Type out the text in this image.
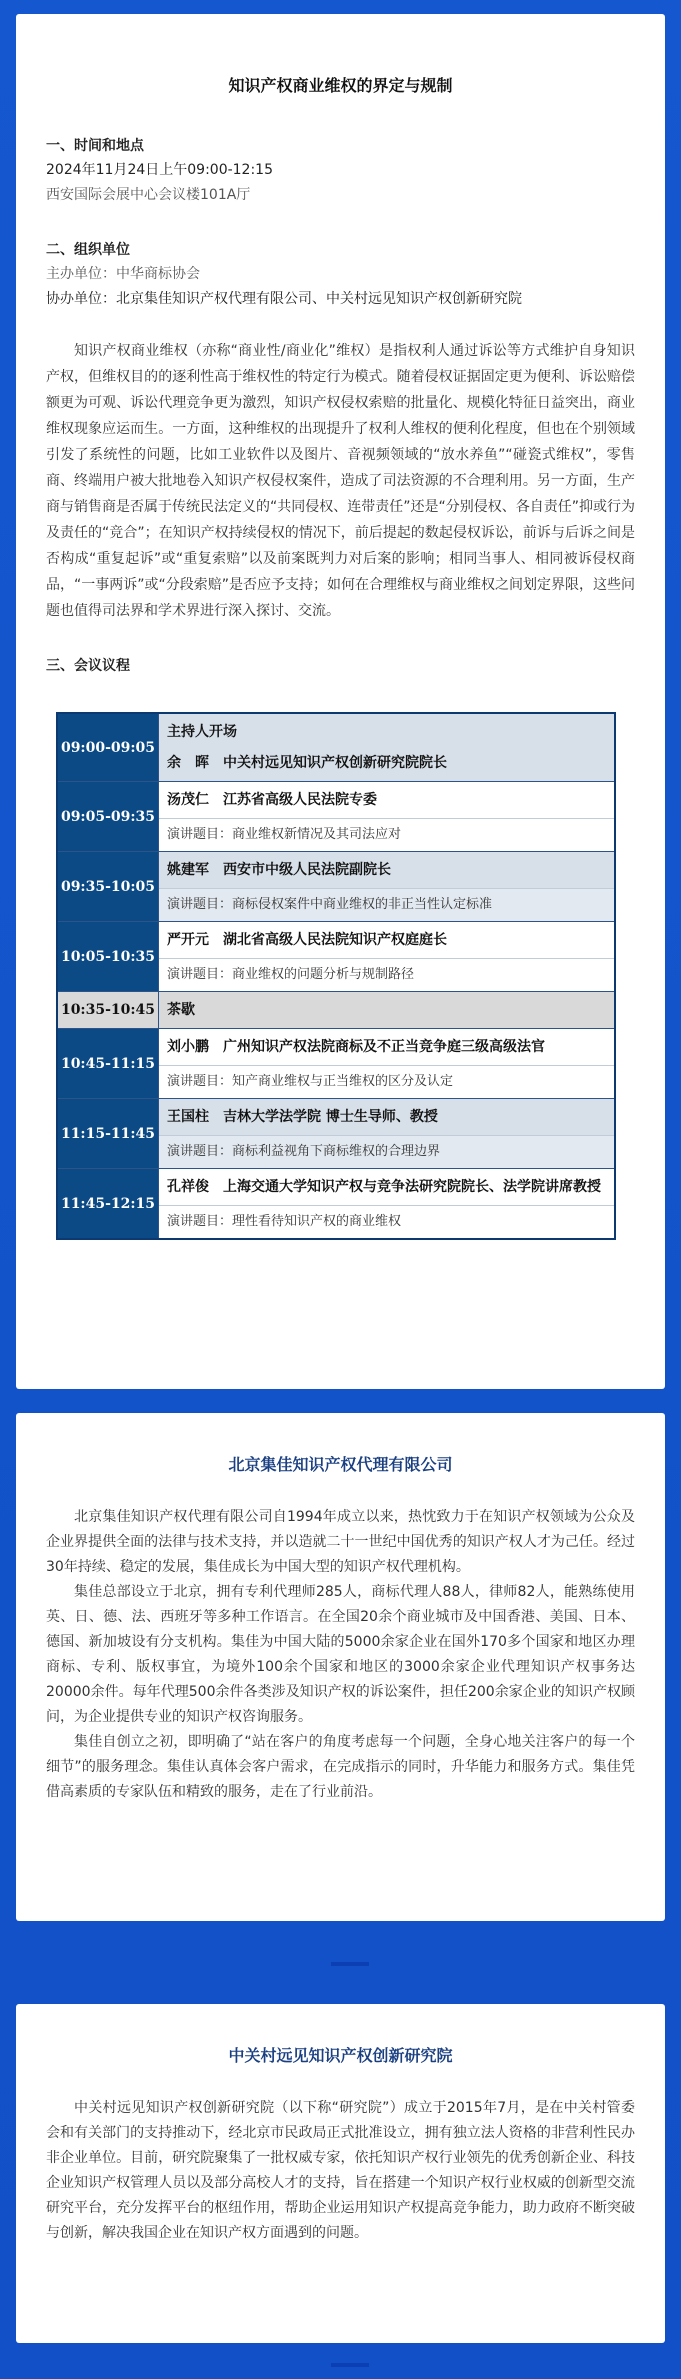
知识产权商业维权的界定与规制
一、时间和地点
2024年11月24日上午09:00-12:15
西安国际会展中心会议楼101A厅
二、组织单位
主办单位：中华商标协会
协办单位：北京集佳知识产权代理有限公司、中关村远见知识产权创新研究院

知识产权商业维权（亦称“商业性/商业化”维权）是指权利人通过诉讼等方式维护自身知识产权，但维权目的的逐利性高于维权性的特定行为模式。随着侵权证据固定更为便利、诉讼赔偿额更为可观、诉讼代理竞争更为激烈，知识产权侵权索赔的批量化、规模化特征日益突出，商业维权现象应运而生。一方面，这种维权的出现提升了权利人维权的便利化程度，但也在个别领域引发了系统性的问题，比如工业软件以及图片、音视频领域的“放水养鱼”“碰瓷式维权”，零售商、终端用户被大批地卷入知识产权侵权案件，造成了司法资源的不合理利用。另一方面，生产商与销售商是否属于传统民法定义的“共同侵权、连带责任”还是“分别侵权、各自责任”抑或行为及责任的“竞合”；在知识产权持续侵权的情况下，前后提起的数起侵权诉讼，前诉与后诉之间是否构成“重复起诉”或“重复索赔”以及前案既判力对后案的影响；相同当事人、相同被诉侵权商品，“一事两诉”或“分段索赔”是否应予支持；如何在合理维权与商业维权之间划定界限，这些问题也值得司法界和学术界进行深入探讨、交流。

三、会议议程
09:00-09:05	主持人开场
余　晖　中关村远见知识产权创新研究院院长

09:05-09:35	汤茂仁　江苏省高级人民法院专委
演讲题目：商业维权新情况及其司法应对

09:35-10:05	姚建军　西安市中级人民法院副院长
演讲题目：商标侵权案件中商业维权的非正当性认定标准

10:05-10:35	严开元　湖北省高级人民法院知识产权庭庭长
演讲题目：商业维权的问题分析与规制路径

10:35-10:45	茶歇

10:45-11:15	刘小鹏　广州知识产权法院商标及不正当竞争庭三级高级法官
演讲题目：知产商业维权与正当维权的区分及认定

11:15-11:45	王国柱　吉林大学法学院 博士生导师、教授
演讲题目：商标利益视角下商标维权的合理边界

11:45-12:15	孔祥俊　上海交通大学知识产权与竞争法研究院院长、法学院讲席教授
演讲题目：理性看待知识产权的商业维权
北京集佳知识产权代理有限公司

北京集佳知识产权代理有限公司自1994年成立以来，热忱致力于在知识产权领域为公众及企业界提供全面的法律与技术支持，并以造就二十一世纪中国优秀的知识产权人才为己任。经过30年持续、稳定的发展，集佳成长为中国大型的知识产权代理机构。

集佳总部设立于北京，拥有专利代理师285人，商标代理人88人，律师82人，能熟练使用英、日、德、法、西班牙等多种工作语言。在全国20余个商业城市及中国香港、美国、日本、德国、新加坡设有分支机构。集佳为中国大陆的5000余家企业在国外170多个国家和地区办理商标、专利、版权事宜，为境外100余个国家和地区的3000余家企业代理知识产权事务达20000余件。每年代理500余件各类涉及知识产权的诉讼案件，担任200余家企业的知识产权顾问，为企业提供专业的知识产权咨询服务。

集佳自创立之初，即明确了“站在客户的角度考虑每一个问题，全身心地关注客户的每一个细节”的服务理念。集佳认真体会客户需求，在完成指示的同时，升华能力和服务方式。集佳凭借高素质的专家队伍和精致的服务，走在了行业前沿。

中关村远见知识产权创新研究院

中关村远见知识产权创新研究院（以下称“研究院”）成立于2015年7月，是在中关村管委会和有关部门的支持推动下，经北京市民政局正式批准设立，拥有独立法人资格的非营利性民办非企业单位。目前，研究院聚集了一批权威专家，依托知识产权行业领先的优秀创新企业、科技企业知识产权管理人员以及部分高校人才的支持，旨在搭建一个知识产权行业权威的创新型交流研究平台，充分发挥平台的枢纽作用，帮助企业运用知识产权提高竞争能力，助力政府不断突破与创新，解决我国企业在知识产权方面遇到的问题。
